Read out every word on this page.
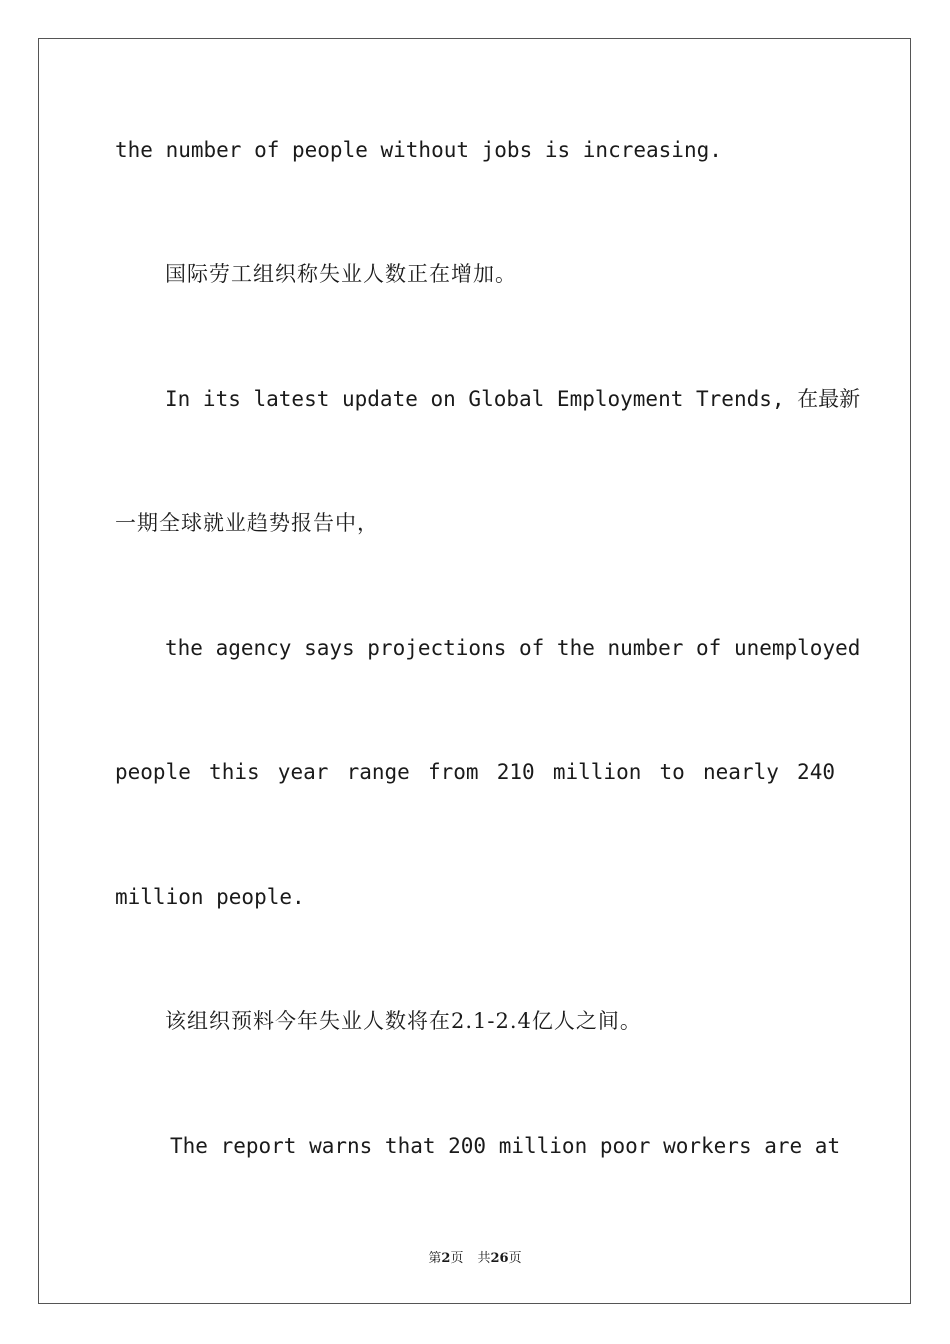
the number of people without jobs is increasing.
国际劳工组织称失业人数正在增加。
In its latest update on Global Employment Trends, 在最新
一期全球就业趋势报告中，
the agency says projections of the number of unemployed
people this year range from 210 million to nearly 240
million people.
该组织预料今年失业人数将在2.1-2.4亿人之间。
The report warns that 200 million poor workers are at
第2页 共26页
